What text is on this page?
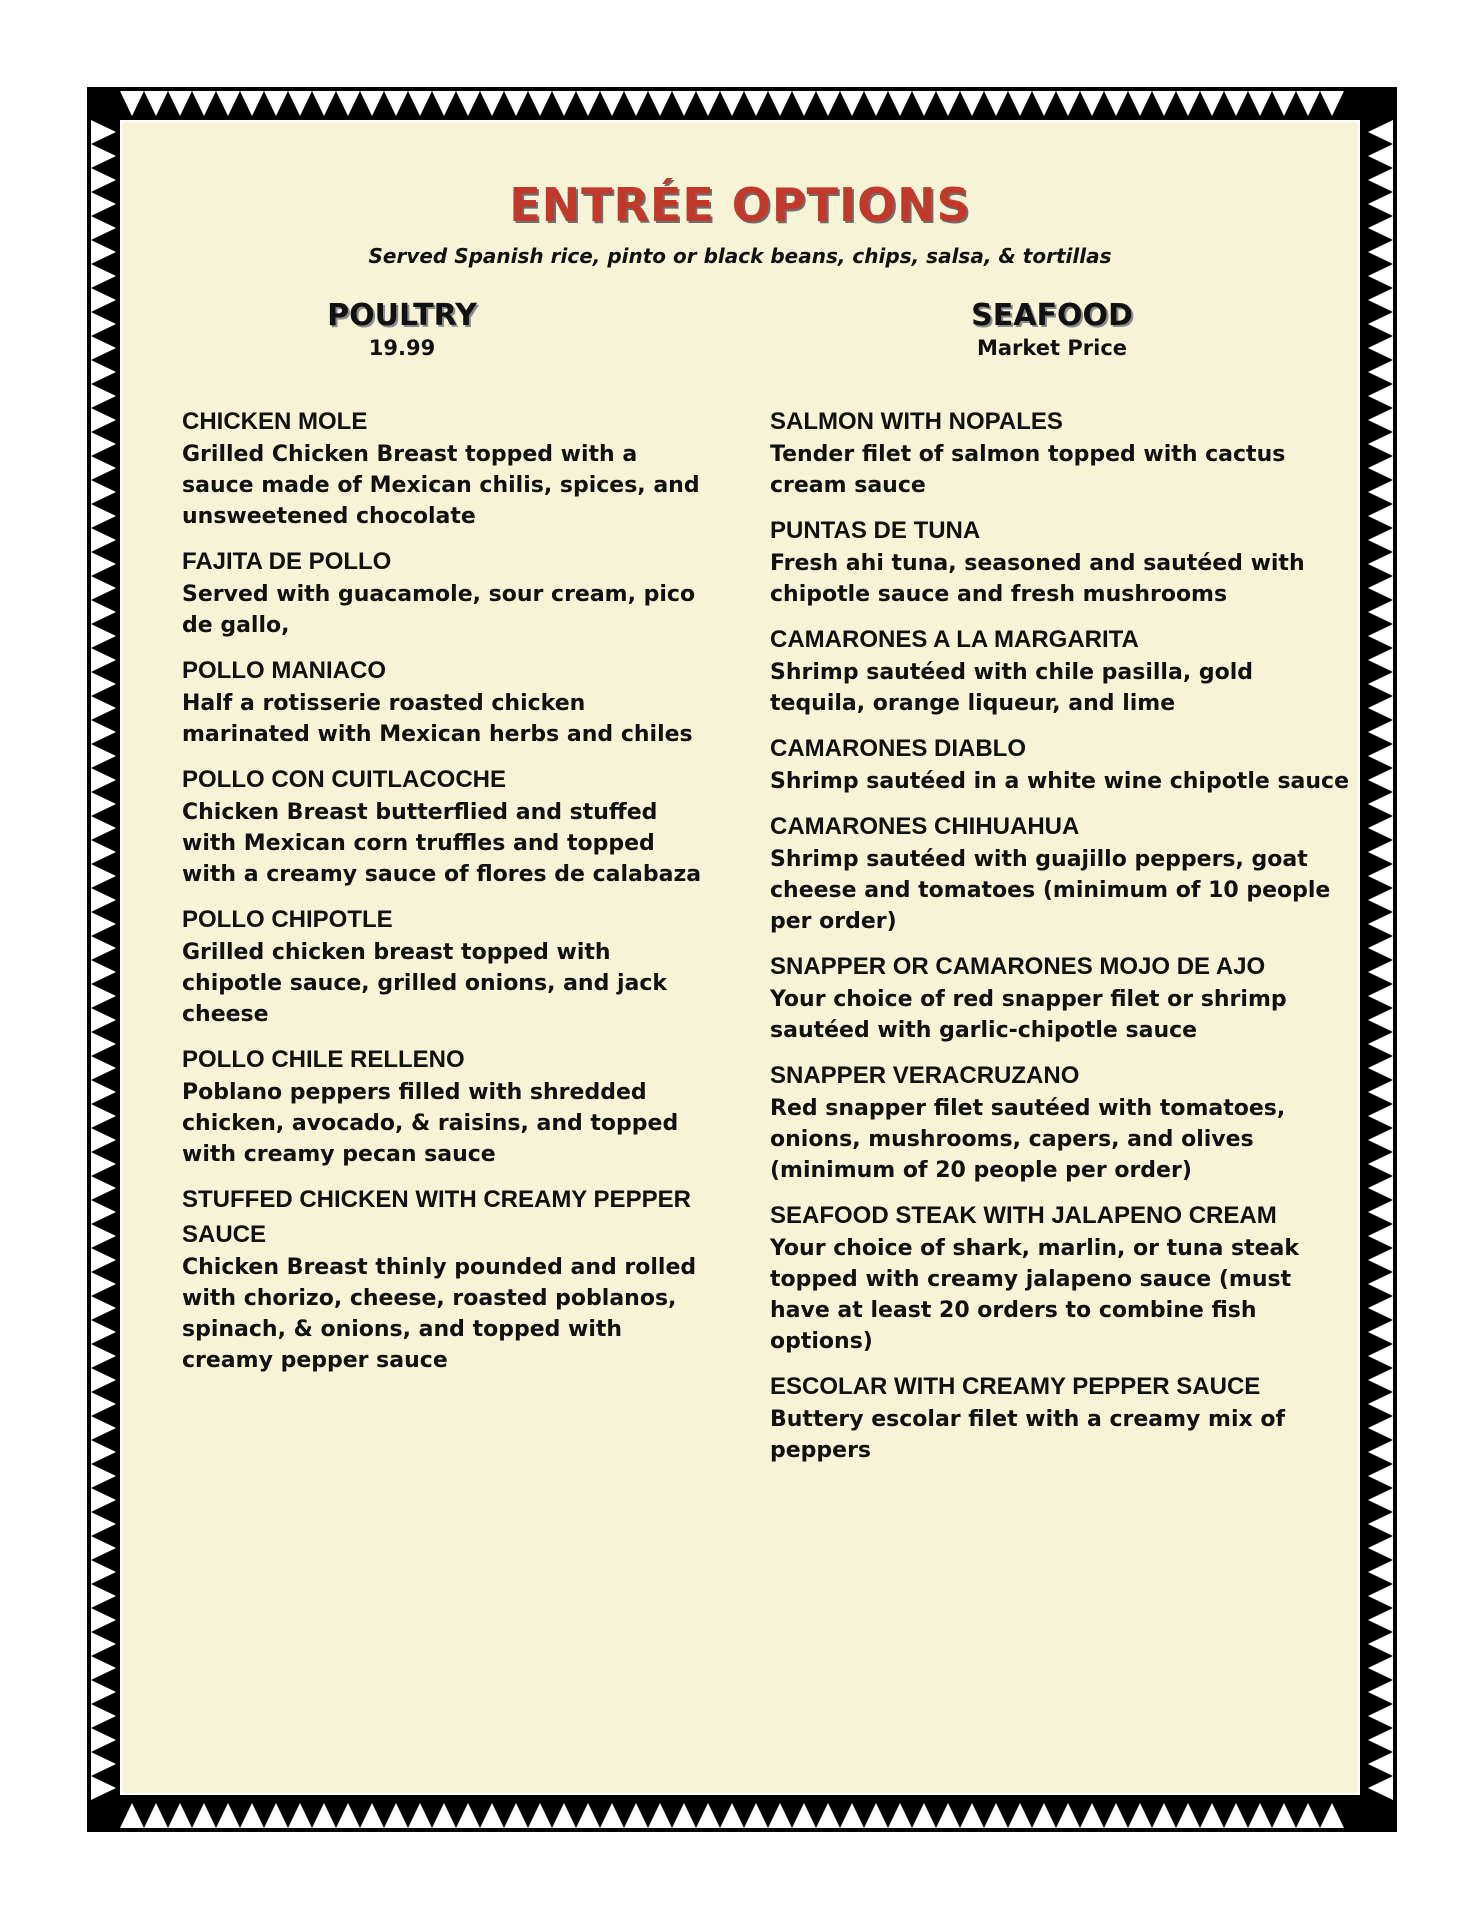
ENTRÉE OPTIONS
Served Spanish rice, pinto or black beans, chips, salsa, & tortillas
POULTRY
19.99
SEAFOOD
Market Price
CHICKEN MOLE
Grilled Chicken Breast topped with a sauce made of Mexican chilis, spices, and unsweetened chocolate
FAJITA DE POLLO
Served with guacamole, sour cream, pico de gallo,
POLLO MANIACO
Half a rotisserie roasted chicken marinated with Mexican herbs and chiles
POLLO CON CUITLACOCHE
Chicken Breast butterflied and stuffed with Mexican corn truffles and topped with a creamy sauce of flores de calabaza
POLLO CHIPOTLE
Grilled chicken breast topped with chipotle sauce, grilled onions, and jack cheese
POLLO CHILE RELLENO
Poblano peppers filled with shredded chicken, avocado, & raisins, and topped with creamy pecan sauce
STUFFED CHICKEN WITH CREAMY PEPPER SAUCE
Chicken Breast thinly pounded and rolled with chorizo, cheese, roasted poblanos, spinach, & onions, and topped with creamy pepper sauce
SALMON WITH NOPALES
Tender filet of salmon topped with cactus cream sauce
PUNTAS DE TUNA
Fresh ahi tuna, seasoned and sautéed with chipotle sauce and fresh mushrooms
CAMARONES A LA MARGARITA
Shrimp sautéed with chile pasilla, gold tequila, orange liqueur, and lime
CAMARONES DIABLO
Shrimp sautéed in a white wine chipotle sauce
CAMARONES CHIHUAHUA
Shrimp sautéed with guajillo peppers, goat cheese and tomatoes (minimum of 10 people per order)
SNAPPER OR CAMARONES MOJO DE AJO
Your choice of red snapper filet or shrimp sautéed with garlic-chipotle sauce
SNAPPER VERACRUZANO
Red snapper filet sautéed with tomatoes, onions, mushrooms, capers, and olives (minimum of 20 people per order)
SEAFOOD STEAK WITH JALAPENO CREAM
Your choice of shark, marlin, or tuna steak topped with creamy jalapeno sauce (must have at least 20 orders to combine fish options)
ESCOLAR WITH CREAMY PEPPER SAUCE
Buttery escolar filet with a creamy mix of peppers
